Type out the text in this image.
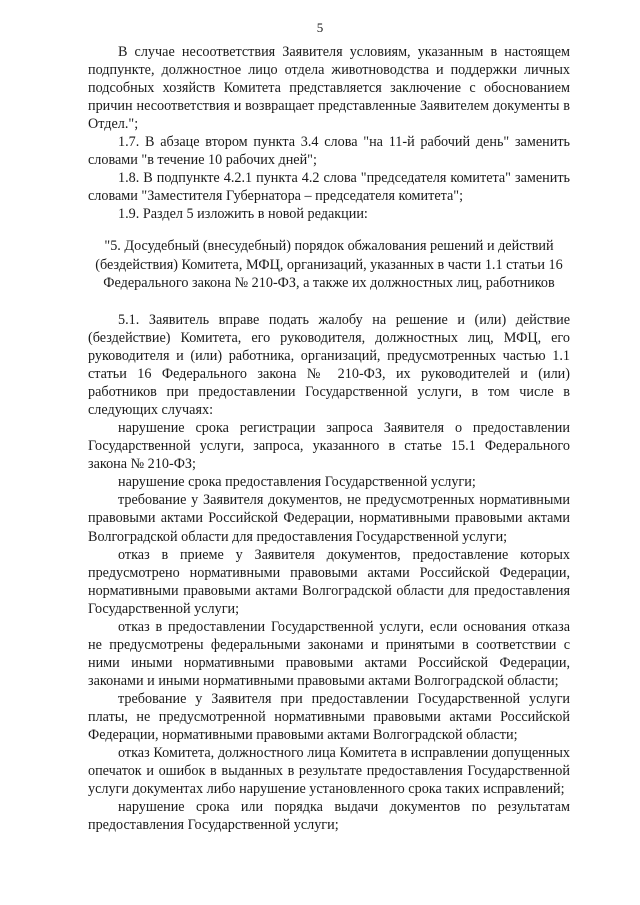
5

В случае несоответствия Заявителя условиям, указанным в настоящем подпункте, должностное лицо отдела животноводства и поддержки личных подсобных хозяйств Комитета представляется заключение с обоснованием причин несоответствия и возвращает представленные Заявителем документы в Отдел.";

1.7. В абзаце втором пункта 3.4 слова "на 11-й рабочий день" заменить словами "в течение 10 рабочих дней";

1.8. В подпункте 4.2.1 пункта 4.2 слова "председателя комитета" заменить словами "Заместителя Губернатора – председателя комитета";

1.9. Раздел 5 изложить в новой редакции:

"5. Досудебный (внесудебный) порядок обжалования решений и действий (бездействия) Комитета, МФЦ, организаций, указанных в части 1.1 статьи 16 Федерального закона № 210-ФЗ, а также их должностных лиц, работников

5.1. Заявитель вправе подать жалобу на решение и (или) действие (бездействие) Комитета, его руководителя, должностных лиц, МФЦ, его руководителя и (или) работника, организаций, предусмотренных частью 1.1 статьи 16 Федерального закона № 210-ФЗ, их руководителей и (или) работников при предоставлении Государственной услуги, в том числе в следующих случаях:

нарушение срока регистрации запроса Заявителя о предоставлении Государственной услуги, запроса, указанного в статье 15.1 Федерального закона № 210-ФЗ;

нарушение срока предоставления Государственной услуги;

требование у Заявителя документов, не предусмотренных нормативными правовыми актами Российской Федерации, нормативными правовыми актами Волгоградской области для предоставления Государственной услуги;

отказ в приеме у Заявителя документов, предоставление которых предусмотрено нормативными правовыми актами Российской Федерации, нормативными правовыми актами Волгоградской области для предоставления Государственной услуги;

отказ в предоставлении Государственной услуги, если основания отказа не предусмотрены федеральными законами и принятыми в соответствии с ними иными нормативными правовыми актами Российской Федерации, законами и иными нормативными правовыми актами Волгоградской области;

требование у Заявителя при предоставлении Государственной услуги платы, не предусмотренной нормативными правовыми актами Российской Федерации, нормативными правовыми актами Волгоградской области;

отказ Комитета, должностного лица Комитета в исправлении допущенных опечаток и ошибок в выданных в результате предоставления Государственной услуги документах либо нарушение установленного срока таких исправлений;

нарушение срока или порядка выдачи документов по результатам предоставления Государственной услуги;
